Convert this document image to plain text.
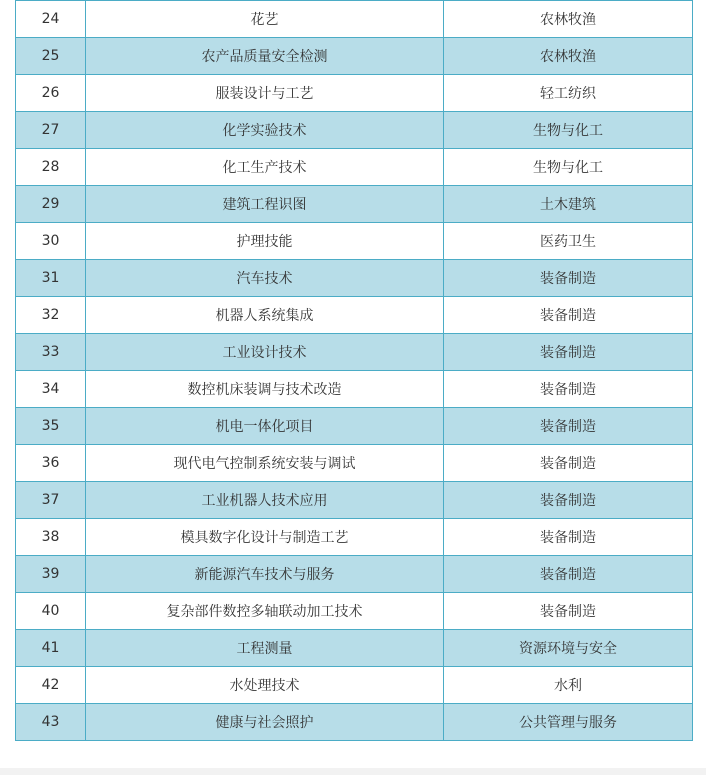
24	花艺	农林牧渔
25	农产品质量安全检测	农林牧渔
26	服装设计与工艺	轻工纺织
27	化学实验技术	生物与化工
28	化工生产技术	生物与化工
29	建筑工程识图	土木建筑
30	护理技能	医药卫生
31	汽车技术	装备制造
32	机器人系统集成	装备制造
33	工业设计技术	装备制造
34	数控机床装调与技术改造	装备制造
35	机电一体化项目	装备制造
36	现代电气控制系统安装与调试	装备制造
37	工业机器人技术应用	装备制造
38	模具数字化设计与制造工艺	装备制造
39	新能源汽车技术与服务	装备制造
40	复杂部件数控多轴联动加工技术	装备制造
41	工程测量	资源环境与安全
42	水处理技术	水利
43	健康与社会照护	公共管理与服务
